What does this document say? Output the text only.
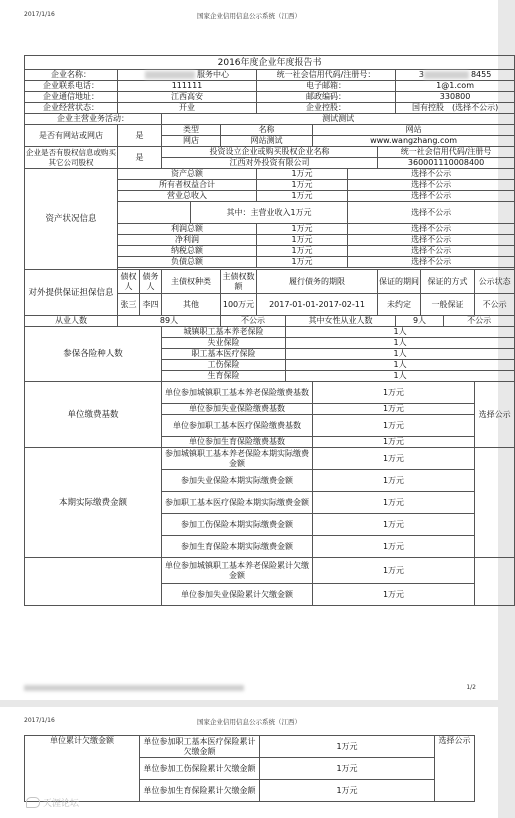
2017/1/16	国家企业信用信息公示系统（江西）
2016年度企业年度报告书														
企业名称：	服务中心					统一社会信用代码/注册号：					3 8455			
企业联系电话：	111111					电子邮箱：					1@1.com			
企业通信地址：	江西高安					邮政编码：					330800			
企业经营状态：	开业					企业控股：					国有控股　(选择不公示)			
企业主营业务活动：			测试测试											
是否有网站或网店	是		类型		名称			网站						
			网店		网站测试			www.wangzhang.com						
企业是否有股权信息或购买其它公司股权	是		投资设立企业或购买股权企业名称							统一社会信用代码/注册号				
			江西对外投资有限公司							360001110008400				
资产状况信息	资产总额					1万元			选择不公示					
	所有者权益合计					1万元			选择不公示					
	营业总收入					1万元			选择不公示					
				其中：主营业收入1万元					选择不公示					
	利润总额					1万元			选择不公示					
	净利润					1万元			选择不公示					
	纳税总额					1万元			选择不公示					
	负债总额					1万元			选择不公示					

对外提供保证担保信息	债权人	债务人	主债权种类		主债权数额	履行债务的期限				保证的期间		保证的方式		公示状态
	张三	李四	其他		100万元	2017-01-01-2017-02-11				未约定		一般保证		不公示
从业人数	89人				不公示		其中女性从业人数				9人		不公示	
参保各险种人数			城镇职工基本养老保险				1人							
			失业保险				1人							
			职工基本医疗保险				1人							
			工伤保险				1人							
			生育保险				1人							
单位缴费基数			单位参加城镇职工基本养老保险缴费基数					1万元						选择公示
			单位参加失业保险缴费基数					1万元						
			单位参加职工基本医疗保险缴费基数					1万元						
			单位参加生育保险缴费基数					1万元						
本期实际缴费金额			参加城镇职工基本养老保险本期实际缴费金额					1万元						
			参加失业保险本期实际缴费金额					1万元						
			参加职工基本医疗保险本期实际缴费金额					1万元						
			参加工伤保险本期实际缴费金额					1万元						
			参加生育保险本期实际缴费金额					1万元						
			单位参加城镇职工基本养老保险累计欠缴金额					1万元						
			单位参加失业保险累计欠缴金额					1万元						
1/2
2017/1/16	国家企业信用信息公示系统（江西）
单位累计欠缴金额	单位参加职工基本医疗保险累计欠缴金额	1万元	选择公示
	单位参加工伤保险累计欠缴金额	1万元	
	单位参加生育保险累计欠缴金额	1万元	
天涯论坛
